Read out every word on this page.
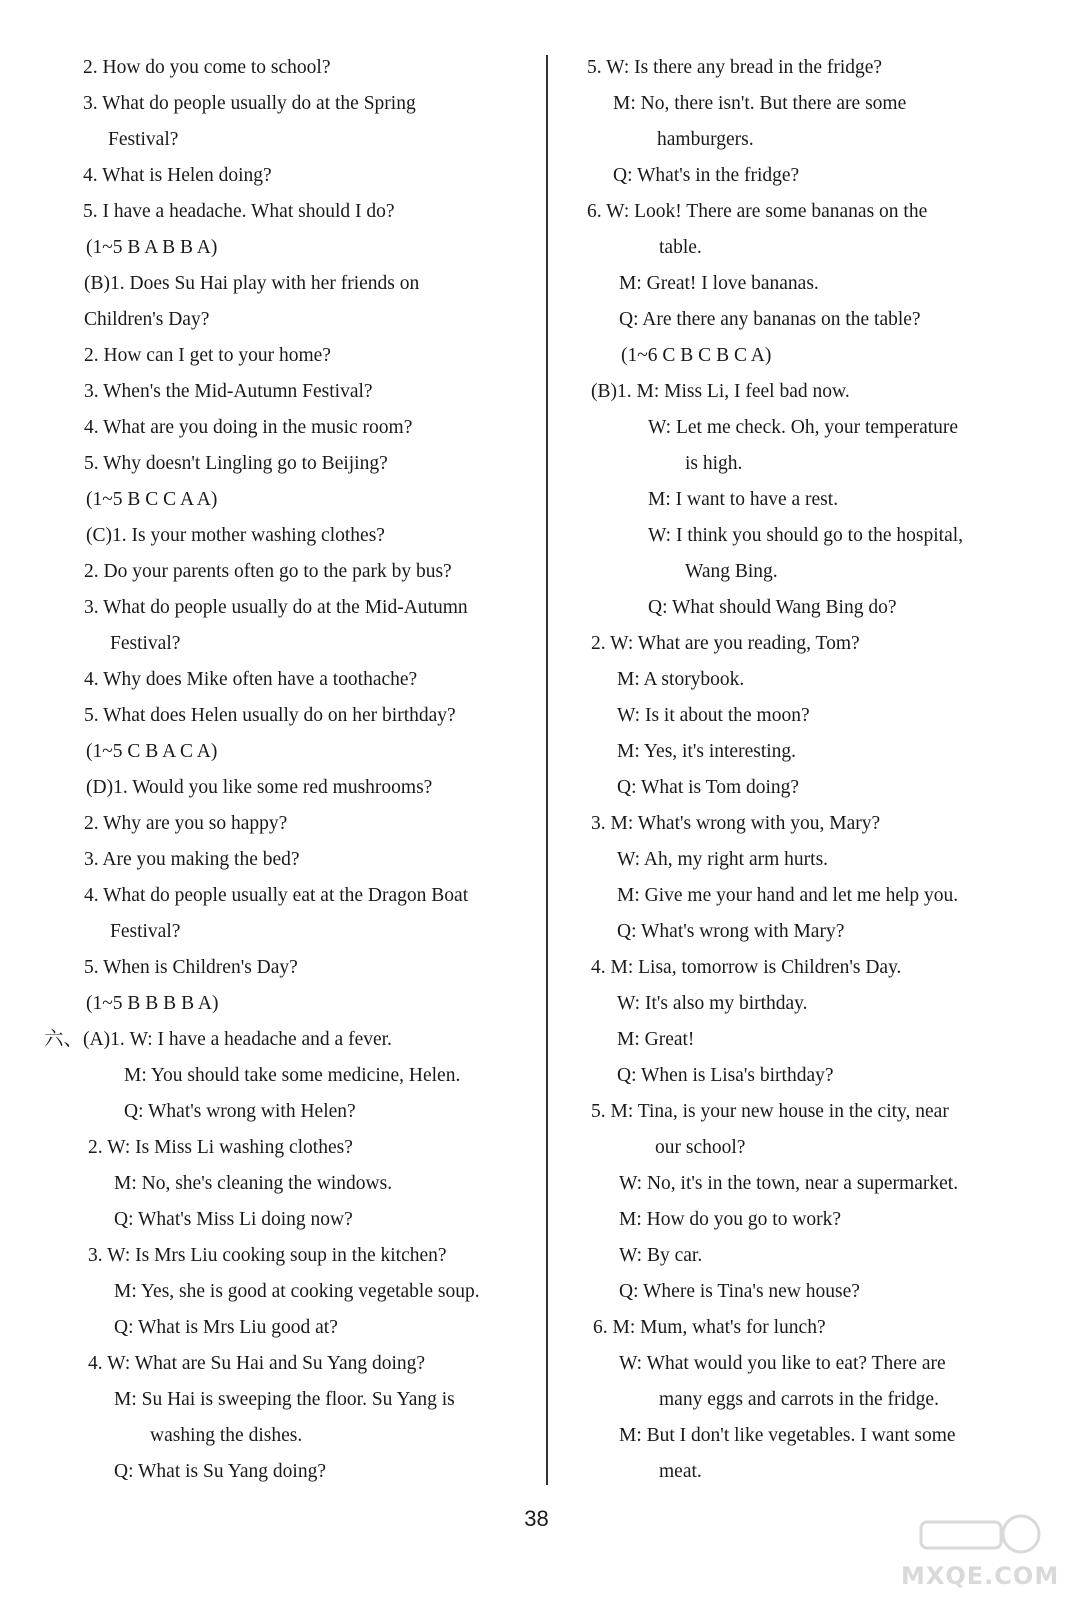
2. How do you come to school?
3. What do people usually do at the Spring
Festival?
4. What is Helen doing?
5. I have a headache. What should I do?
(1~5 B A B B A)
(B)1. Does Su Hai play with her friends on
Children's Day?
2. How can I get to your home?
3. When's the Mid-Autumn Festival?
4. What are you doing in the music room?
5. Why doesn't Lingling go to Beijing?
(1~5 B C C A A)
(C)1. Is your mother washing clothes?
2. Do your parents often go to the park by bus?
3. What do people usually do at the Mid-Autumn
Festival?
4. Why does Mike often have a toothache?
5. What does Helen usually do on her birthday?
(1~5 C B A C A)
(D)1. Would you like some red mushrooms?
2. Why are you so happy?
3. Are you making the bed?
4. What do people usually eat at the Dragon Boat
Festival?
5. When is Children's Day?
(1~5 B B B B A)
六、(A)1. W: I have a headache and a fever.
M: You should take some medicine, Helen.
Q: What's wrong with Helen?
2. W: Is Miss Li washing clothes?
M: No, she's cleaning the windows.
Q: What's Miss Li doing now?
3. W: Is Mrs Liu cooking soup in the kitchen?
M: Yes, she is good at cooking vegetable soup.
Q: What is Mrs Liu good at?
4. W: What are Su Hai and Su Yang doing?
M: Su Hai is sweeping the floor. Su Yang is
washing the dishes.
Q: What is Su Yang doing?
5. W: Is there any bread in the fridge?
M: No, there isn't. But there are some
hamburgers.
Q: What's in the fridge?
6. W: Look! There are some bananas on the
table.
M: Great! I love bananas.
Q: Are there any bananas on the table?
(1~6 C B C B C A)
(B)1. M: Miss Li, I feel bad now.
W: Let me check. Oh, your temperature
is high.
M: I want to have a rest.
W: I think you should go to the hospital,
Wang Bing.
Q: What should Wang Bing do?
2. W: What are you reading, Tom?
M: A storybook.
W: Is it about the moon?
M: Yes, it's interesting.
Q: What is Tom doing?
3. M: What's wrong with you, Mary?
W: Ah, my right arm hurts.
M: Give me your hand and let me help you.
Q: What's wrong with Mary?
4. M: Lisa, tomorrow is Children's Day.
W: It's also my birthday.
M: Great!
Q: When is Lisa's birthday?
5. M: Tina, is your new house in the city, near
our school?
W: No, it's in the town, near a supermarket.
M: How do you go to work?
W: By car.
Q: Where is Tina's new house?
6. M: Mum, what's for lunch?
W: What would you like to eat? There are
many eggs and carrots in the fridge.
M: But I don't like vegetables. I want some
meat.
38
MXQE.COM
